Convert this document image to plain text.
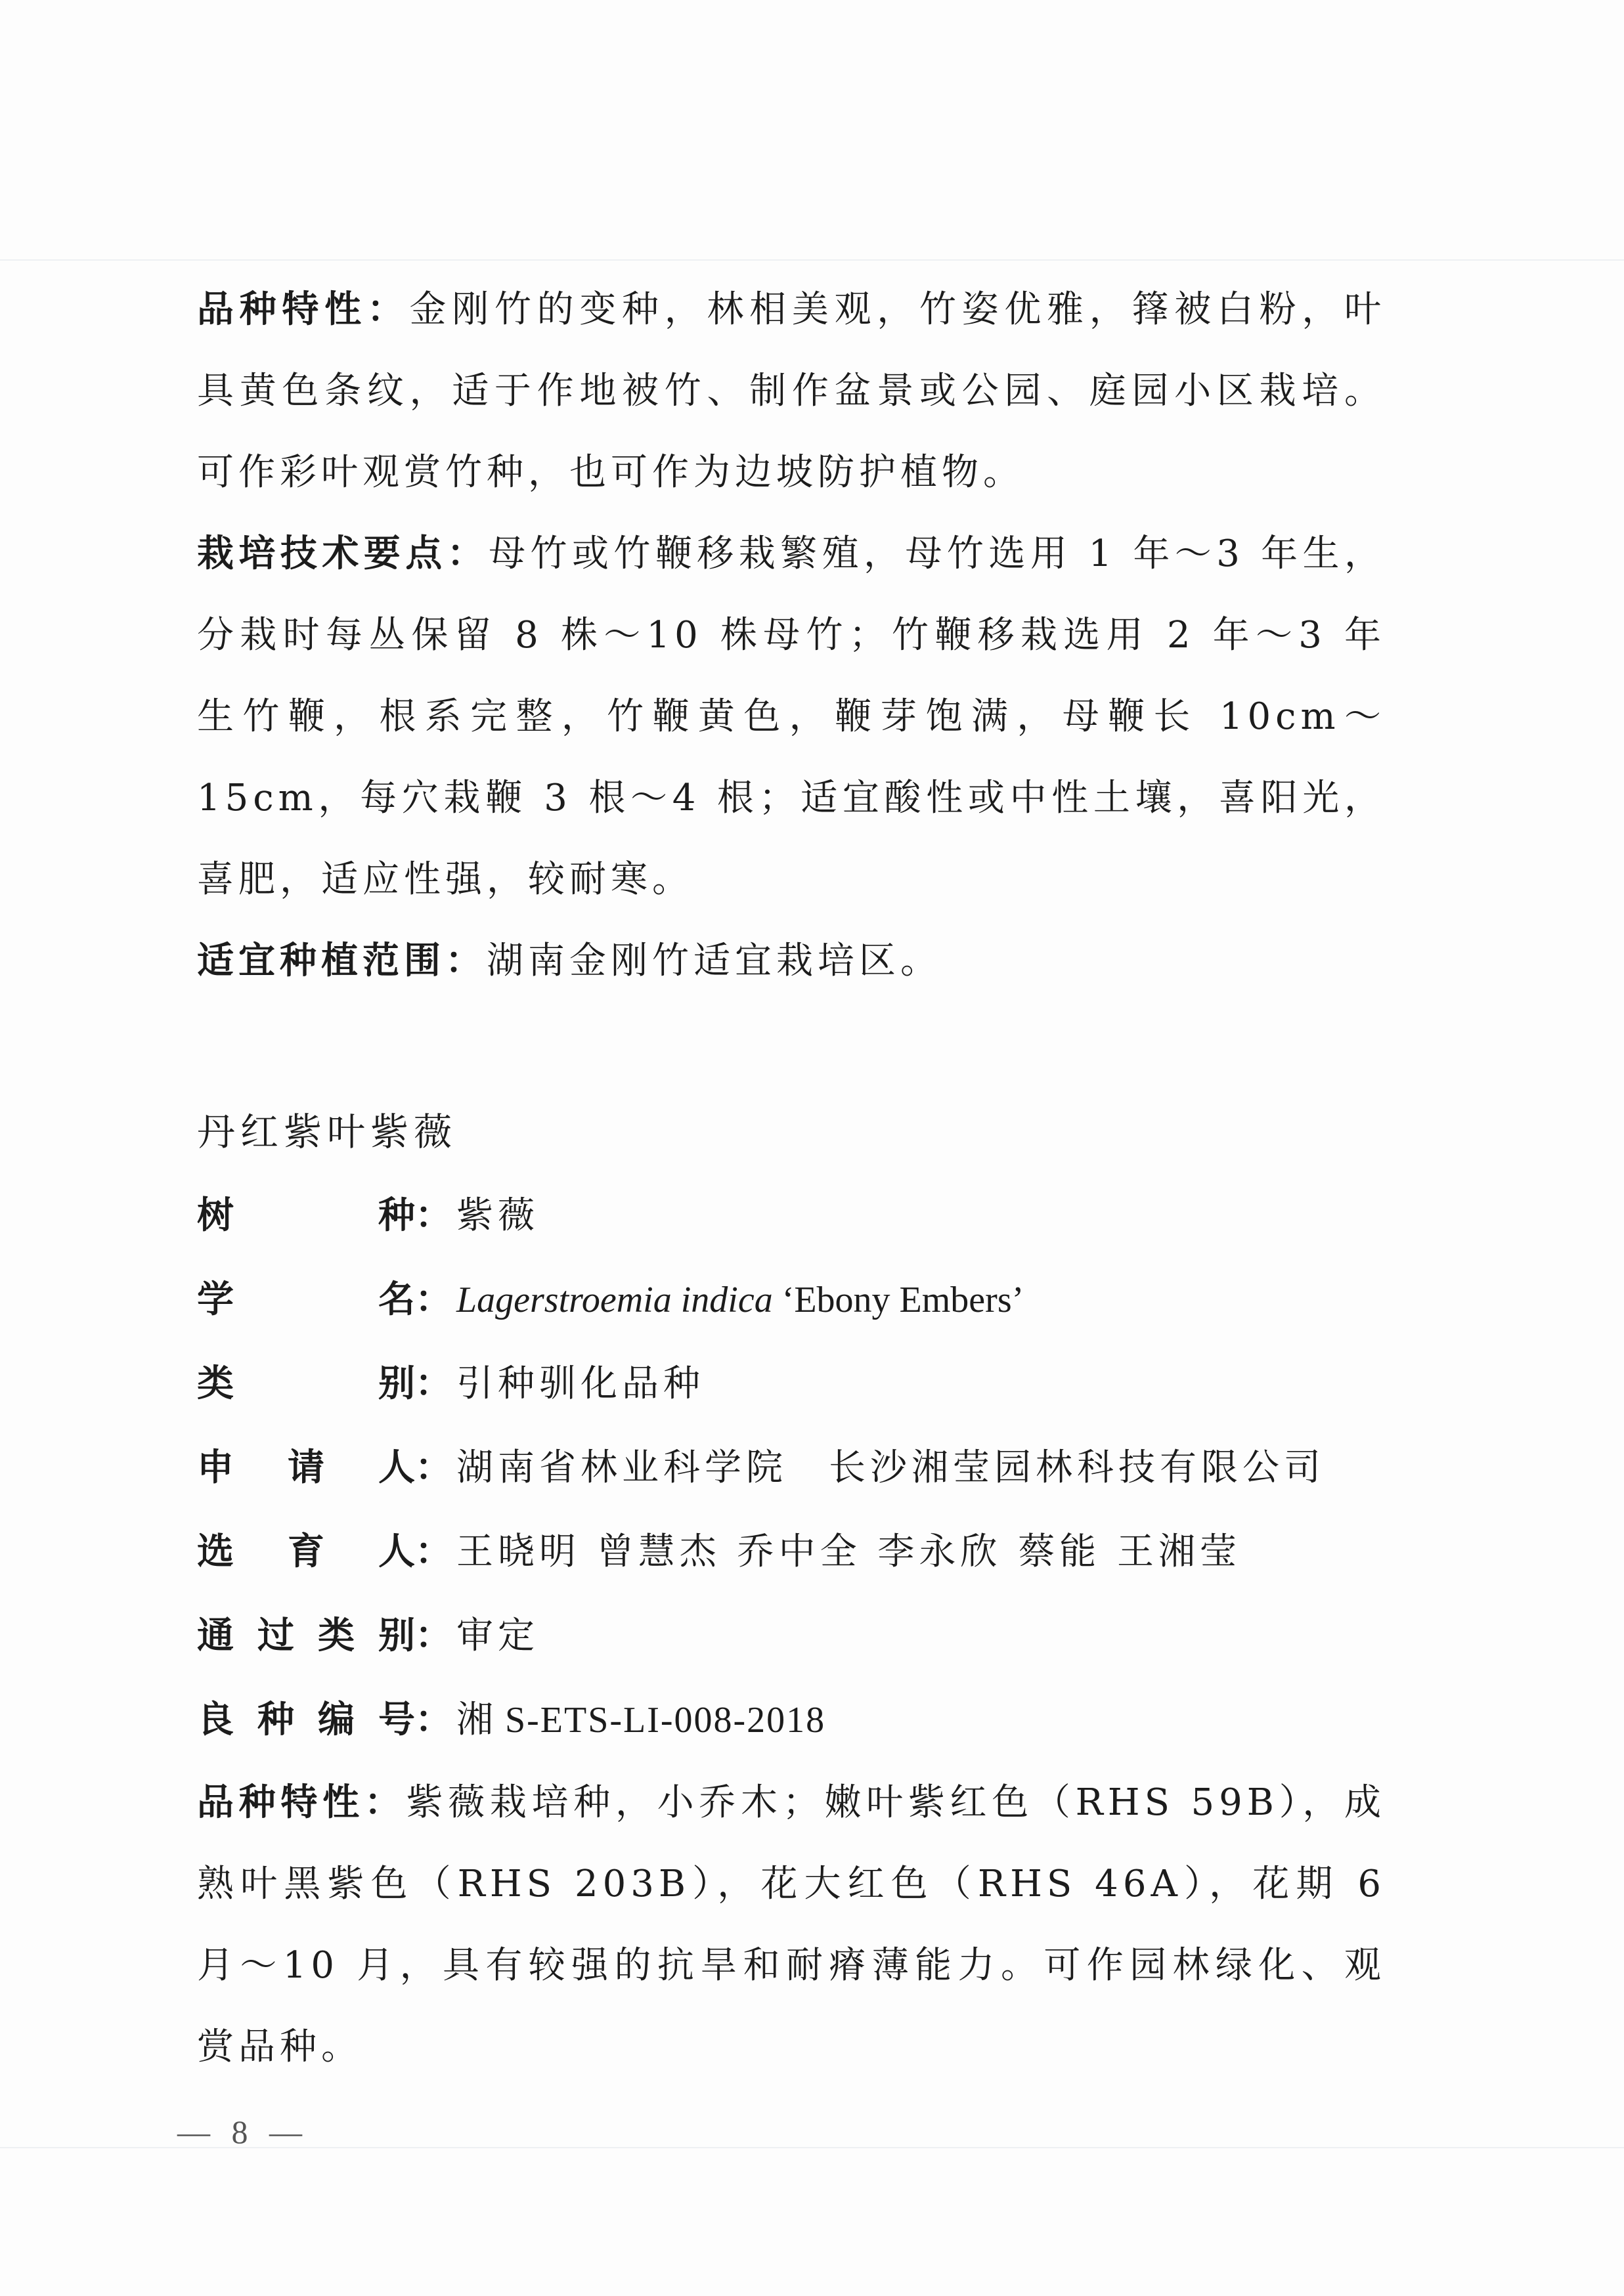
品种特性：金刚竹的变种，林相美观，竹姿优雅，箨被白粉，叶具黄色条纹，适于作地被竹、制作盆景或公园、庭园小区栽培。可作彩叶观赏竹种，也可作为边坡防护植物。

栽培技术要点：母竹或竹鞭移栽繁殖，母竹选用 1 年～3 年生，分栽时每丛保留 8 株～10 株母竹；竹鞭移栽选用 2 年～3 年生竹鞭，根系完整，竹鞭黄色，鞭芽饱满，母鞭长 10cm～15cm，每穴栽鞭 3 根～4 根；适宜酸性或中性土壤，喜阳光，喜肥，适应性强，较耐寒。

适宜种植范围：湖南金刚竹适宜栽培区。

丹红紫叶紫薇

树种：紫薇

学名：Lagerstroemia indica ‘Ebony Embers’

类别：引种驯化品种

申请人：湖南省林业科学院　长沙湘莹园林科技有限公司

选育人：王晓明 曾慧杰 乔中全 李永欣 蔡能 王湘莹

通过类别：审定

良种编号：湘 S-ETS-LI-008-2018

品种特性：紫薇栽培种，小乔木；嫩叶紫红色（RHS 59B），成熟叶黑紫色（RHS 203B），花大红色（RHS 46A），花期 6 月～10 月，具有较强的抗旱和耐瘠薄能力。可作园林绿化、观赏品种。

— 8 —
